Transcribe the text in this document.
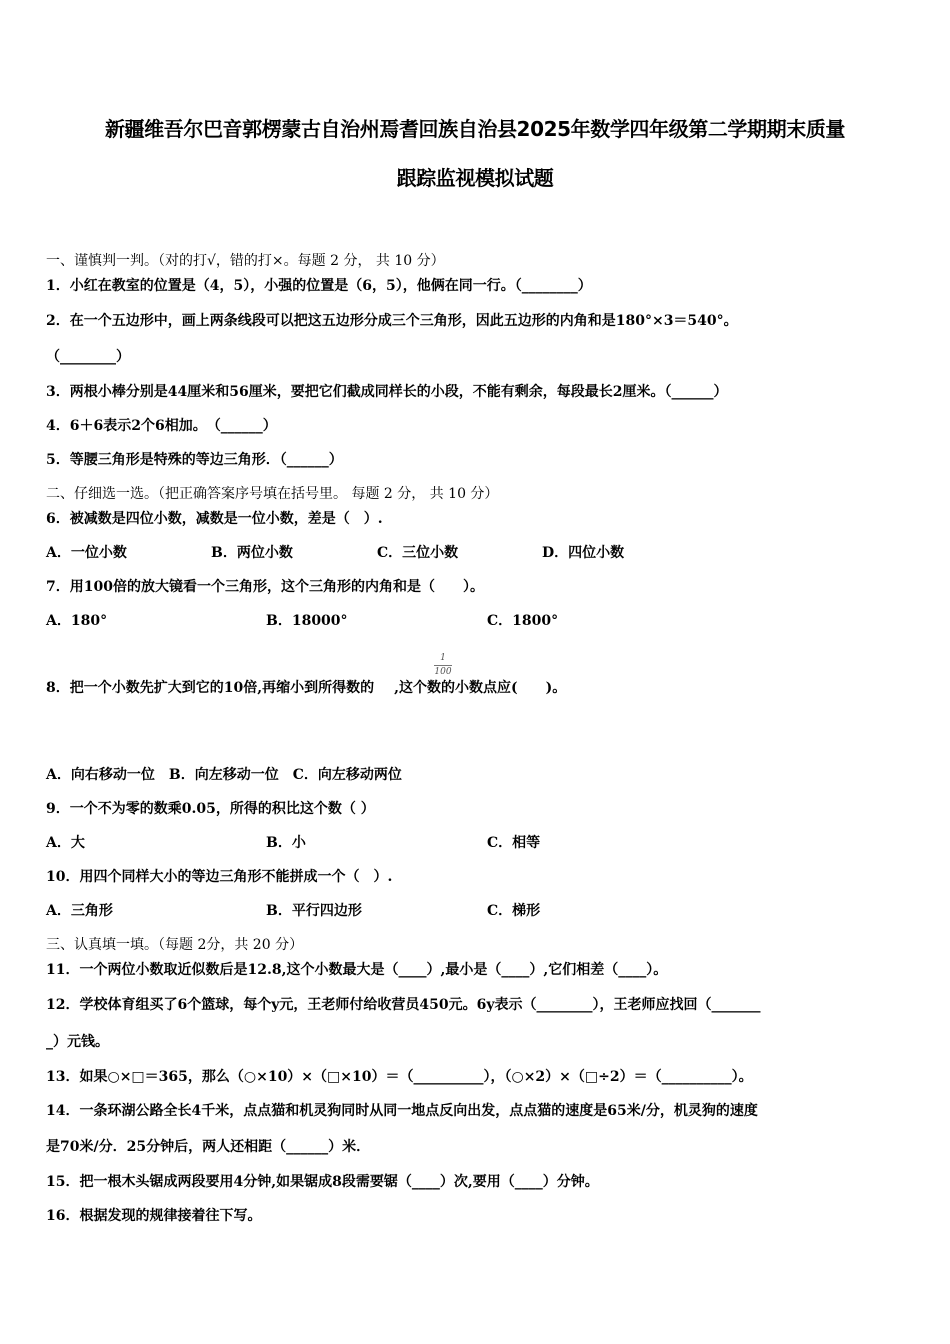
新疆维吾尔巴音郭楞蒙古自治州焉耆回族自治县2025年数学四年级第二学期期末质量
跟踪监视模拟试题
一、谨慎判一判。（对的打√，错的打×。每题 2 分， 共 10 分）
1．小红在教室的位置是（4，5），小强的位置是（6，5），他俩在同一行。（________）
2．在一个五边形中，画上两条线段可以把这五边形分成三个三角形，因此五边形的内角和是180°×3＝540°。
（________）
3．两根小棒分别是44厘米和56厘米，要把它们截成同样长的小段，不能有剩余，每段最长2厘米。（______）
4．6＋6表示2个6相加。　（______）
5．等腰三角形是特殊的等边三角形．（______）
二、仔细选一选。（把正确答案序号填在括号里。 每题 2 分， 共 10 分）
6．被减数是四位小数，减数是一位小数，差是（　）.
A．一位小数	B．两位小数	C．三位小数	D．四位小数
7．用100倍的放大镜看一个三角形，这个三角形的内角和是（　　）。
A．180°	B．18000°	C．1800°
8．把一个小数先扩大到它的10倍,再缩小到所得数的 ,这个数的小数点应(　　)。
1
100
A．向右移动一位　B．向左移动一位　C．向左移动两位
9．一个不为零的数乘0.05，所得的积比这个数（ ）
A．大	B．小	C．相等
10．用四个同样大小的等边三角形不能拼成一个（　）.
A．三角形	B．平行四边形	C．梯形
三、认真填一填。（每题 2分，共 20 分）
11．一个两位小数取近似数后是12.8,这个小数最大是（____）,最小是（____）,它们相差（____）。
12．学校体育组买了6个篮球，每个y元，王老师付给收营员450元。6y表示（________），王老师应找回（_______
_）元钱。
13．如果○×□＝365，那么（○×10）×（□×10）＝（__________），（○×2）×（□÷2）＝（__________）。
14．一条环湖公路全长4千米，点点猫和机灵狗同时从同一地点反向出发，点点猫的速度是65米/分，机灵狗的速度
是70米/分．25分钟后，两人还相距（______）米．
15．把一根木头锯成两段要用4分钟,如果锯成8段需要锯（____）次,要用（____）分钟。
16．根据发现的规律接着往下写。
